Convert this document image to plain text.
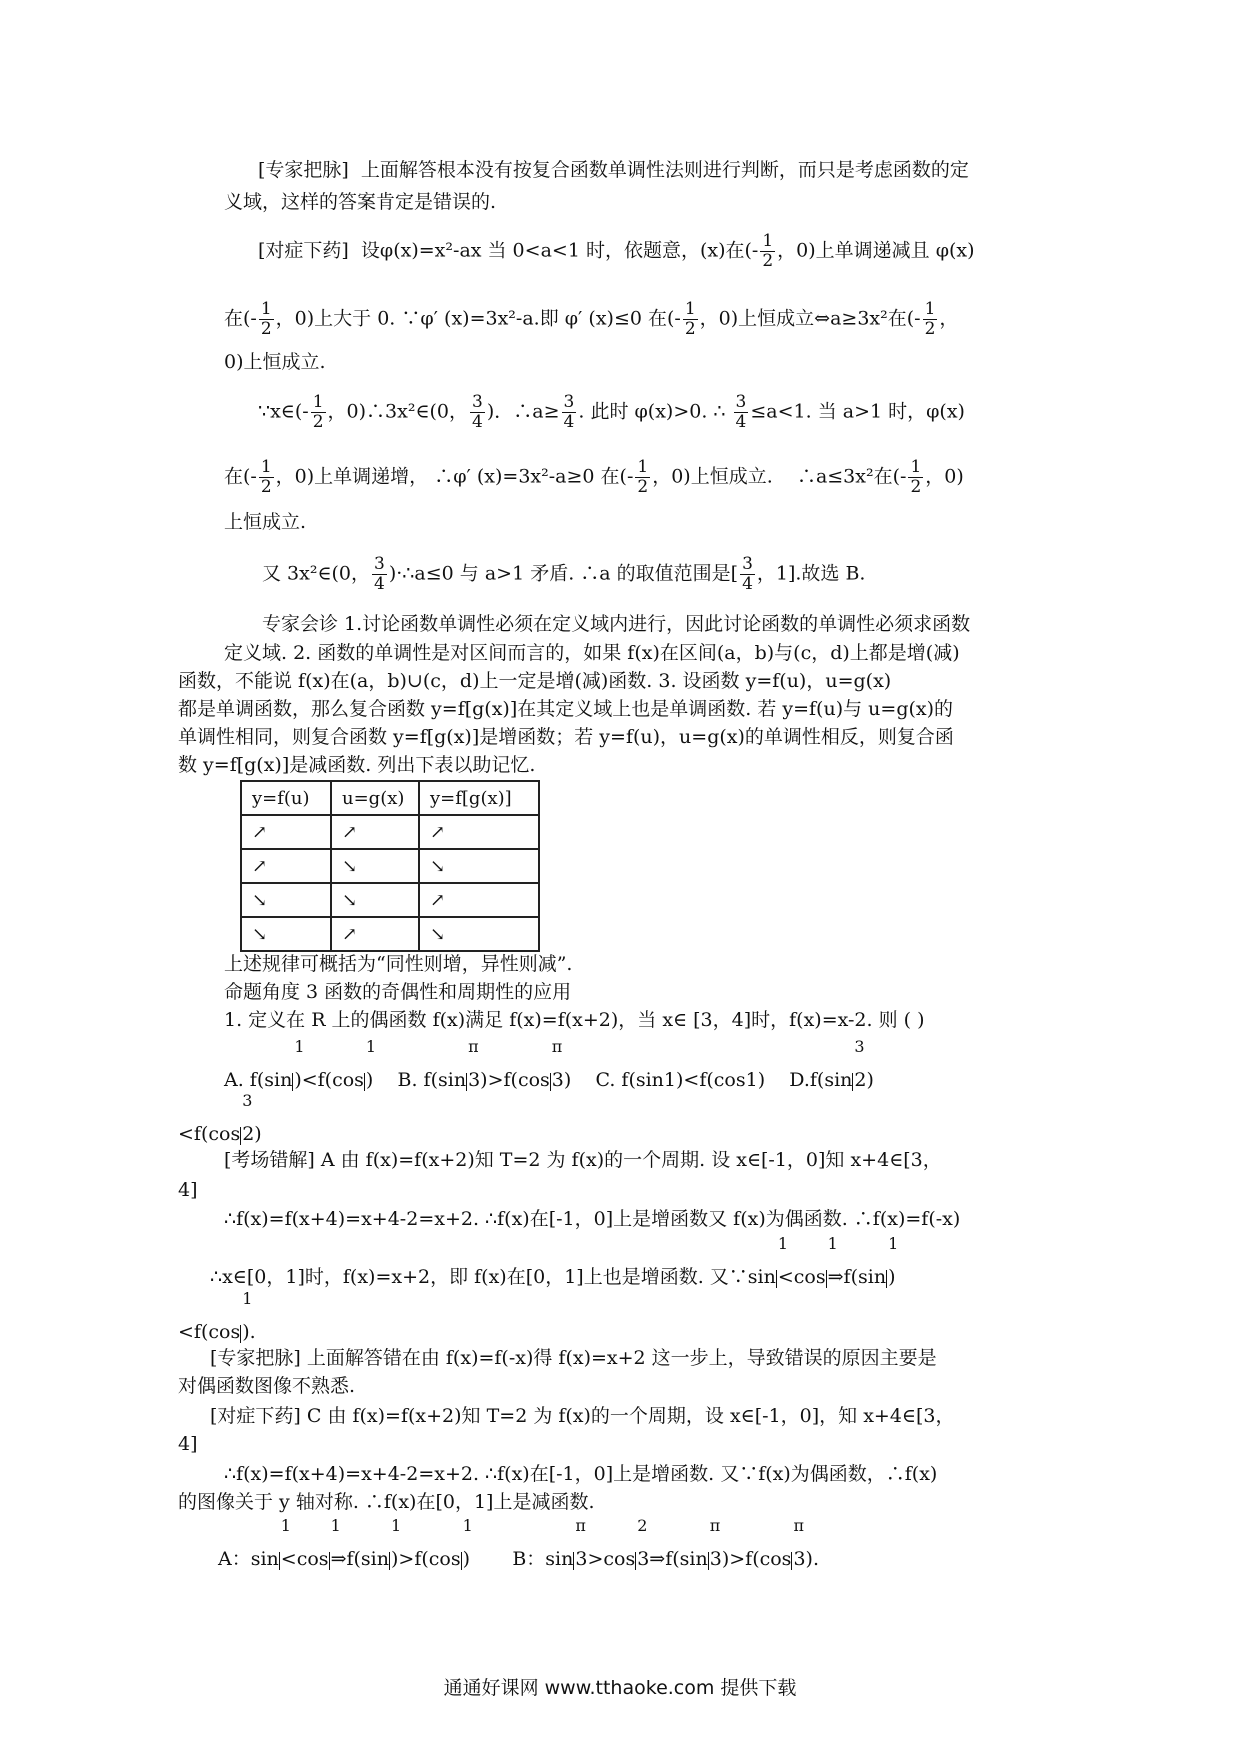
[专家把脉] 上面解答根本没有按复合函数单调性法则进行判断，而只是考虑函数的定
义域，这样的答案肯定是错误的.
[对症下药] 设φ(x)=x²-ax 当 0<a<1 时，依题意，(x)在(- $\frac{1}{2}$ ，0)上单调递减且 φ(x)
在(- $\frac{1}{2}$ ，0)上大于 0. ∵φ′ (x)=3x²-a.即 φ′ (x)≤0 在(- $\frac{1}{2}$ ，0)上恒成立⇔a≥3x²在(- $\frac{1}{2}$ ，
0)上恒成立.
∵x∈(- $\frac{1}{2}$ ，0)∴3x²∈(0， $\frac{3}{4}$ )．∴a≥ $\frac{3}{4}$ . 此时 φ(x)>0. ∴ $\frac{3}{4} \le a<1$. 当 a>1 时，φ(x)
在(- $\frac{1}{2}$ ，0)上单调递增， ∴φ′ (x)=3x²-a≥0 在(- $\frac{1}{2}$ ，0)上恒成立. ∴a≤3x²在(- $\frac{1}{2}$ ，0)
上恒成立.
又 3x²∈(0， $\frac{3}{4}$ )·∴a≤0 与 a>1 矛盾. ∴a 的取值范围是[ $\frac{3}{4}$ ，1].故选 B.
专家会诊 1.讨论函数单调性必须在定义域内进行，因此讨论函数的单调性必须求函数
定义域. 2. 函数的单调性是对区间而言的，如果 f(x)在区间(a，b)与(c，d)上都是增(减)
函数，不能说 f(x)在(a，b)∪(c，d)上一定是增(减)函数. 3. 设函数 y=f(u)，u=g(x)
都是单调函数，那么复合函数 y=f[g(x)]在其定义域上也是单调函数. 若 y=f(u)与 u=g(x)的
单调性相同，则复合函数 y=f[g(x)]是增函数；若 y=f(u)，u=g(x)的单调性相反，则复合函
数 y=f[g(x)]是减函数. 列出下表以助记忆.
y=f(u)	u=g(x)	y=f[g(x)]
↗	↗	↗
↗	↘	↘
↘	↘	↗
↘	↗	↘
上述规律可概括为“同性则增，异性则减”.
命题角度 3 函数的奇偶性和周期性的应用
1. 定义在 R 上的偶函数 f(x)满足 f(x)=f(x+2)，当 x∈ [3，4]时，f(x)=x-2. 则 ( )
A. f(sin
1
)<f(cos
1
) B. f(sin
π
3)>f(cos
π
3) C. f(sin1)<f(cos1) D.f(sin
3
2)
<f(cos
3
2)
[考场错解] A 由 f(x)=f(x+2)知 T=2 为 f(x)的一个周期. 设 x∈[-1，0]知 x+4∈[3，
4]
∴f(x)=f(x+4)=x+4-2=x+2. ∴f(x)在[-1，0]上是增函数又 f(x)为偶函数. ∴f(x)=f(-x)
∴x∈[0，1]时，f(x)=x+2，即 f(x)在[0，1]上也是增函数. 又∵sin
1
<cos
1
⇒f(sin
1
)
<f(cos
1
).
[专家把脉] 上面解答错在由 f(x)=f(-x)得 f(x)=x+2 这一步上，导致错误的原因主要是
对偶函数图像不熟悉.
[对症下药] C 由 f(x)=f(x+2)知 T=2 为 f(x)的一个周期，设 x∈[-1，0]，知 x+4∈[3，
4]
∴f(x)=f(x+4)=x+4-2=x+2. ∴f(x)在[-1，0]上是增函数. 又∵f(x)为偶函数，∴f(x)
的图像关于 y 轴对称. ∴f(x)在[0，1]上是减函数.
A：sin
1
<cos
1
⇒f(sin
1
)>f(cos
1
) B：sin
π
3>cos
2
3⇒f(sin
π
3)>f(cos
π
3).
通通好课网 www.tthaoke.com 提供下载
